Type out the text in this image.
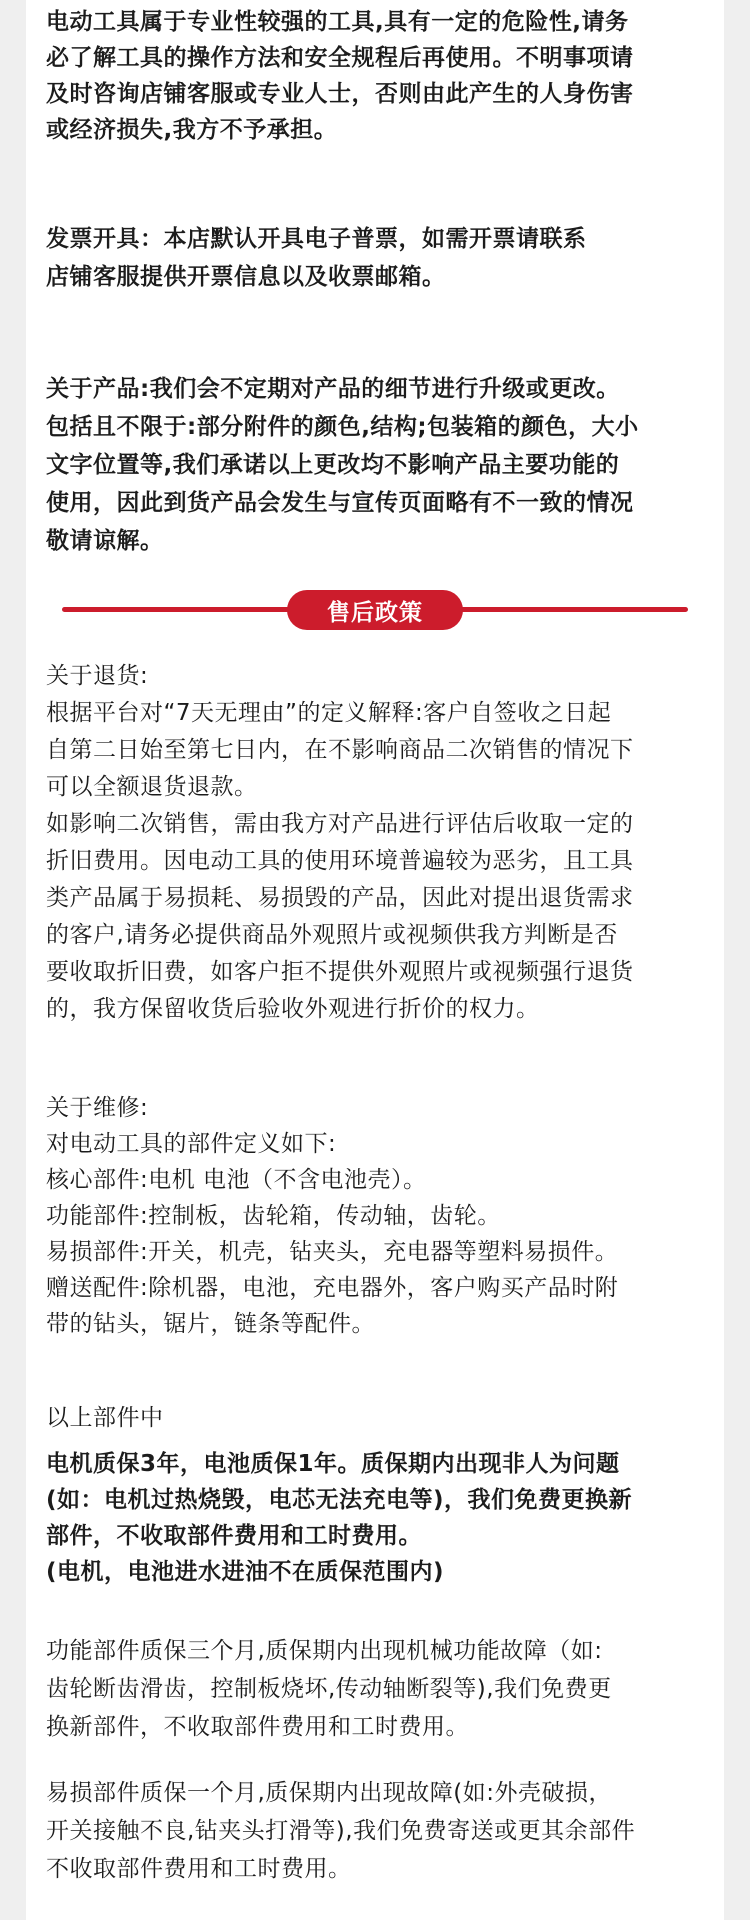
电动工具属于专业性较强的工具,具有一定的危险性,请务
必了解工具的操作方法和安全规程后再使用。不明事项请
及时咨询店铺客服或专业人士，否则由此产生的人身伤害
或经济损失,我方不予承担。
发票开具：本店默认开具电子普票，如需开票请联系
店铺客服提供开票信息以及收票邮箱。
关于产品:我们会不定期对产品的细节进行升级或更改。
包括且不限于:部分附件的颜色,结构;包装箱的颜色，大小
文字位置等,我们承诺以上更改均不影响产品主要功能的
使用，因此到货产品会发生与宣传页面略有不一致的情况
敬请谅解。
售后政策
关于退货:
根据平台对“7天无理由”的定义解释:客户自签收之日起
自第二日始至第七日内，在不影响商品二次销售的情况下
可以全额退货退款。
如影响二次销售，需由我方对产品进行评估后收取一定的
折旧费用。因电动工具的使用环境普遍较为恶劣，且工具
类产品属于易损耗、易损毁的产品，因此对提出退货需求
的客户,请务必提供商品外观照片或视频供我方判断是否
要收取折旧费，如客户拒不提供外观照片或视频强行退货
的，我方保留收货后验收外观进行折价的权力。
关于维修:
对电动工具的部件定义如下:
核心部件:电机 电池（不含电池壳）。
功能部件:控制板，齿轮箱，传动轴，齿轮。
易损部件:开关，机壳，钻夹头，充电器等塑料易损件。
赠送配件:除机器，电池，充电器外，客户购买产品时附
带的钻头，锯片，链条等配件。
以上部件中
电机质保3年，电池质保1年。质保期内出现非人为问题
(如：电机过热烧毁，电芯无法充电等)，我们免费更换新
部件，不收取部件费用和工时费用。
(电机，电池进水进油不在质保范围内)
功能部件质保三个月,质保期内出现机械功能故障（如:
齿轮断齿滑齿，控制板烧坏,传动轴断裂等),我们免费更
换新部件，不收取部件费用和工时费用。
易损部件质保一个月,质保期内出现故障(如:外壳破损，
开关接触不良,钻夹头打滑等),我们免费寄送或更其余部件
不收取部件费用和工时费用。
